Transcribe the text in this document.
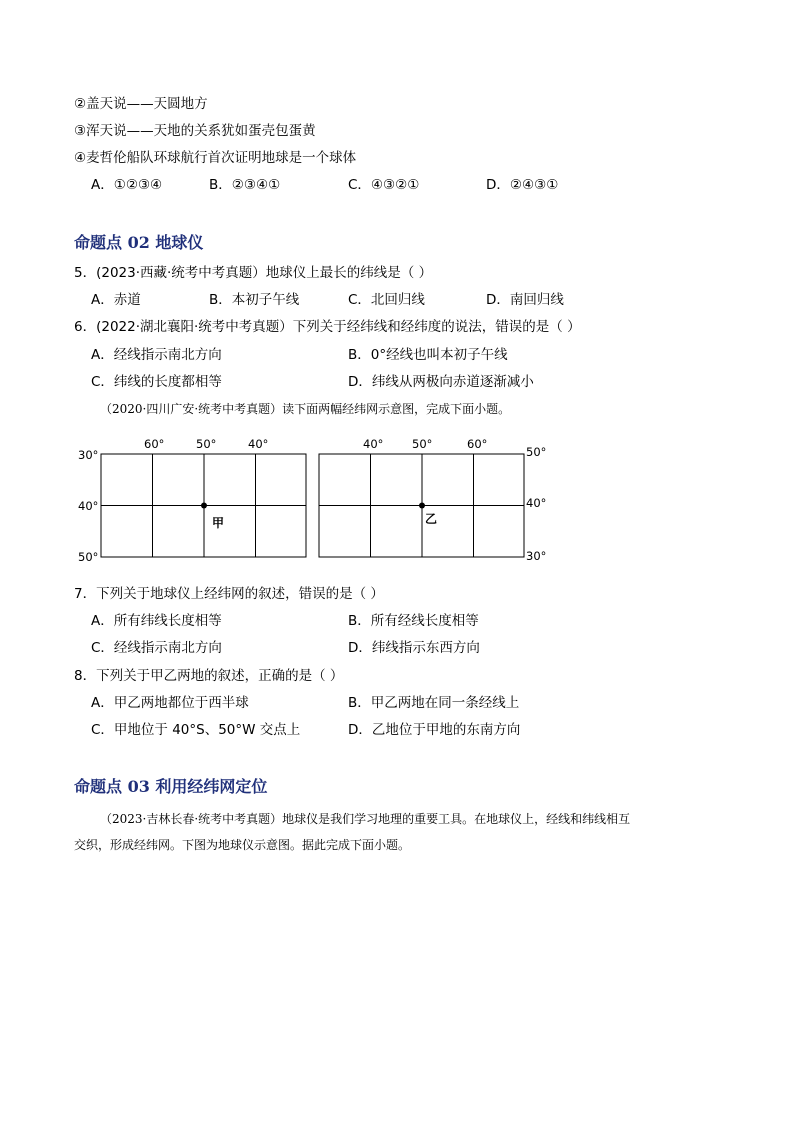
②盖天说——天圆地方
③浑天说——天地的关系犹如蛋壳包蛋黄
④麦哲伦船队环球航行首次证明地球是一个球体
A．①②③④	B．②③④①	C．④③②①	D．②④③①
命题点 02 地球仪
5．(2023·西藏·统考中考真题）地球仪上最长的纬线是（ ）
A．赤道	B．本初子午线	C．北回归线	D．南回归线
6．(2022·湖北襄阳·统考中考真题）下列关于经纬线和经纬度的说法，错误的是（ ）
A．经线指示南北方向	B．0°经线也叫本初子午线
C．纬线的长度都相等	D．纬线从两极向赤道逐渐减小
（2020·四川广安·统考中考真题）读下面两幅经纬网示意图，完成下面小题。
60°	50°	40°
30°
40°
50°
甲
40° 50°	60°
50°
40°
30°
乙
7．下列关于地球仪上经纬网的叙述，错误的是（ ）
A．所有纬线长度相等	B．所有经线长度相等
C．经线指示南北方向	D．纬线指示东西方向
8．下列关于甲乙两地的叙述，正确的是（ ）
A．甲乙两地都位于西半球	B．甲乙两地在同一条经线上
C．甲地位于 40°S、50°W 交点上	D．乙地位于甲地的东南方向
命题点 03 利用经纬网定位
（2023·吉林长春·统考中考真题）地球仪是我们学习地理的重要工具。在地球仪上，经线和纬线相互
交织，形成经纬网。下图为地球仪示意图。据此完成下面小题。
